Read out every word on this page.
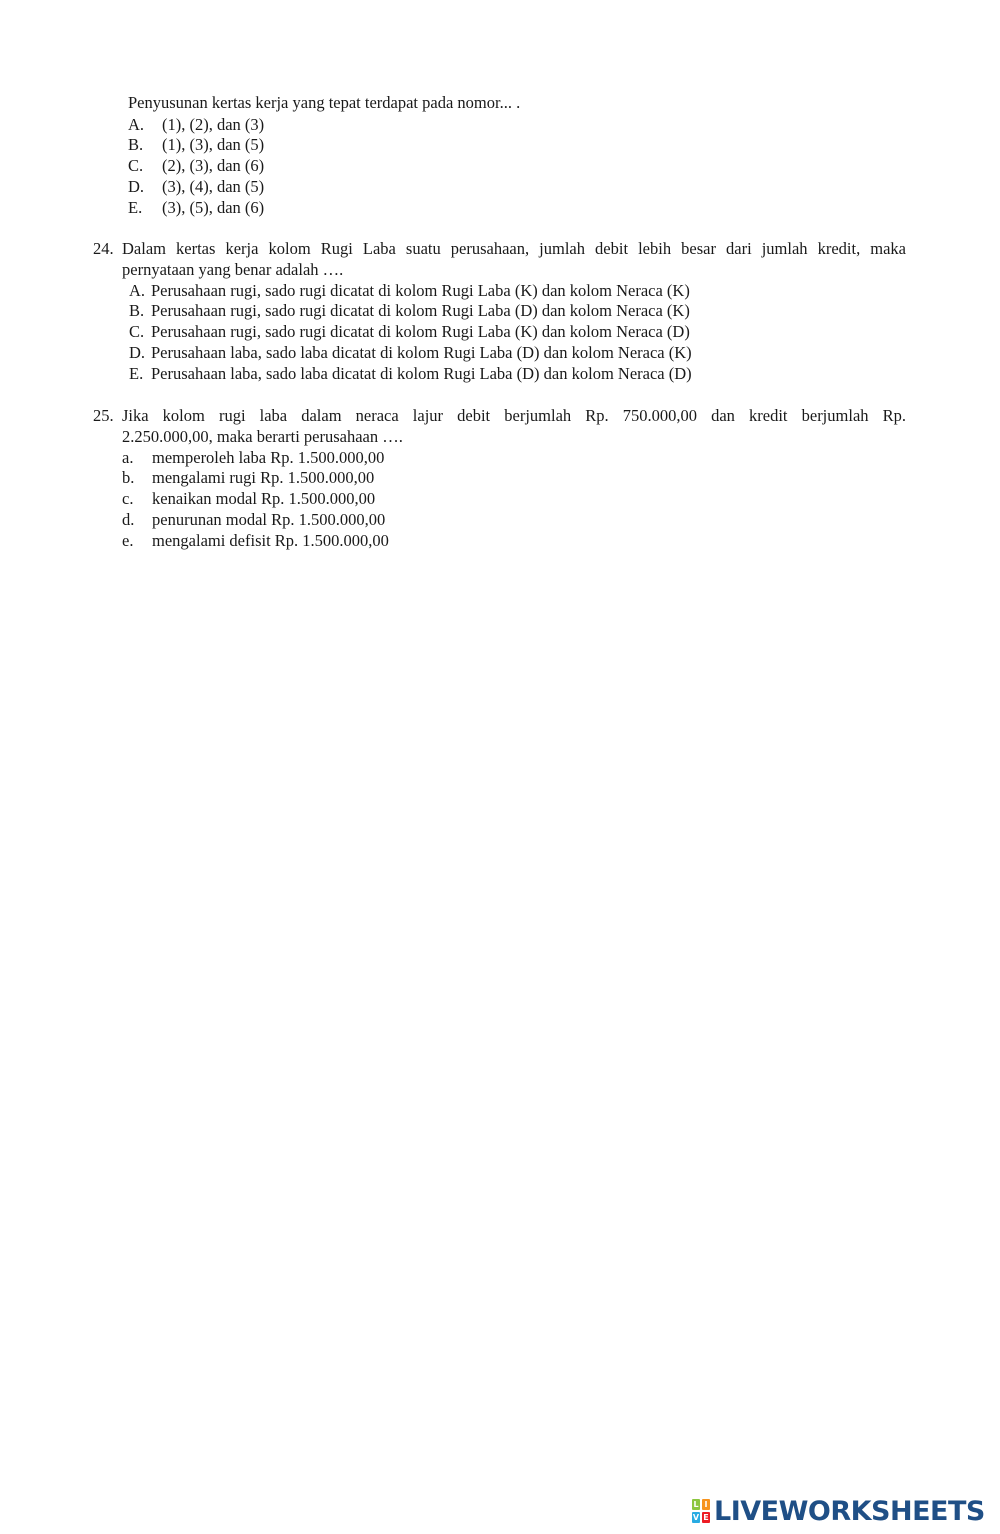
Penyusunan kertas kerja yang tepat terdapat pada nomor... .
A. (1), (2), dan (3)
B. (1), (3), dan (5)
C. (2), (3), dan (6)
D. (3), (4), dan (5)
E. (3), (5), dan (6)
24. Dalam kertas kerja kolom Rugi Laba suatu perusahaan, jumlah debit lebih besar dari jumlah kredit, maka
pernyataan yang benar adalah ….
A. Perusahaan rugi, sado rugi dicatat di kolom Rugi Laba (K) dan kolom Neraca (K)
B. Perusahaan rugi, sado rugi dicatat di kolom Rugi Laba (D) dan kolom Neraca (K)
C. Perusahaan rugi, sado rugi dicatat di kolom Rugi Laba (K) dan kolom Neraca (D)
D. Perusahaan laba, sado laba dicatat di kolom Rugi Laba (D) dan kolom Neraca (K)
E. Perusahaan laba, sado laba dicatat di kolom Rugi Laba (D) dan kolom Neraca (D)
25. Jika kolom rugi laba dalam neraca lajur debit berjumlah Rp. 750.000,00 dan kredit berjumlah Rp.
2.250.000,00, maka berarti perusahaan ….
a. memperoleh laba Rp. 1.500.000,00
b. mengalami rugi Rp. 1.500.000,00
c. kenaikan modal Rp. 1.500.000,00
d. penurunan modal Rp. 1.500.000,00
e. mengalami defisit Rp. 1.500.000,00
L I
V E LIVEWORKSHEETS
